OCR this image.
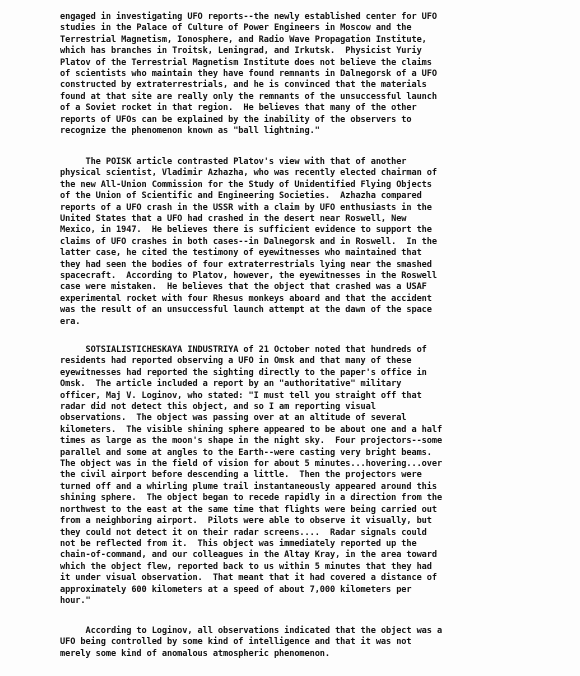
engaged in investigating UFO reports--the newly established center for UFO
studies in the Palace of Culture of Power Engineers in Moscow and the
Terrestrial Magnetism, Ionosphere, and Radio Wave Propagation Institute,
which has branches in Troitsk, Leningrad, and Irkutsk.  Physicist Yuriy
Platov of the Terrestrial Magnetism Institute does not believe the claims
of scientists who maintain they have found remnants in Dalnegorsk of a UFO
constructed by extraterrestrials, and he is convinced that the materials
found at that site are really only the remnants of the unsuccessful launch
of a Soviet rocket in that region.  He believes that many of the other
reports of UFOs can be explained by the inability of the observers to
recognize the phenomenon known as "ball lightning."

The POISK article contrasted Platov's view with that of another
physical scientist, Vladimir Azhazha, who was recently elected chairman of
the new All-Union Commission for the Study of Unidentified Flying Objects
of the Union of Scientific and Engineering Societies.  Azhazha compared
reports of a UFO crash in the USSR with a claim by UFO enthusiasts in the
United States that a UFO had crashed in the desert near Roswell, New
Mexico, in 1947.  He believes there is sufficient evidence to support the
claims of UFO crashes in both cases--in Dalnegorsk and in Roswell.  In the
latter case, he cited the testimony of eyewitnesses who maintained that
they had seen the bodies of four extraterrestrials lying near the smashed
spacecraft.  According to Platov, however, the eyewitnesses in the Roswell
case were mistaken.  He believes that the object that crashed was a USAF
experimental rocket with four Rhesus monkeys aboard and that the accident
was the result of an unsuccessful launch attempt at the dawn of the space
era.

SOTSIALISTICHESKAYA INDUSTRIYA of 21 October noted that hundreds of
residents had reported observing a UFO in Omsk and that many of these
eyewitnesses had reported the sighting directly to the paper's office in
Omsk.  The article included a report by an "authoritative" military
officer, Maj V. Loginov, who stated: "I must tell you straight off that
radar did not detect this object, and so I am reporting visual
observations.  The object was passing over at an altitude of several
kilometers.  The visible shining sphere appeared to be about one and a half
times as large as the moon's shape in the night sky.  Four projectors--some
parallel and some at angles to the Earth--were casting very bright beams.
The object was in the field of vision for about 5 minutes...hovering...over
the civil airport before descending a little.  Then the projectors were
turned off and a whirling plume trail instantaneously appeared around this
shining sphere.  The object began to recede rapidly in a direction from the
northwest to the east at the same time that flights were being carried out
from a neighboring airport.  Pilots were able to observe it visually, but
they could not detect it on their radar screens....  Radar signals could
not be reflected from it.  This object was immediately reported up the
chain-of-command, and our colleagues in the Altay Kray, in the area toward
which the object flew, reported back to us within 5 minutes that they had
it under visual observation.  That meant that it had covered a distance of
approximately 600 kilometers at a speed of about 7,000 kilometers per
hour."

According to Loginov, all observations indicated that the object was a
UFO being controlled by some kind of intelligence and that it was not
merely some kind of anomalous atmospheric phenomenon.
